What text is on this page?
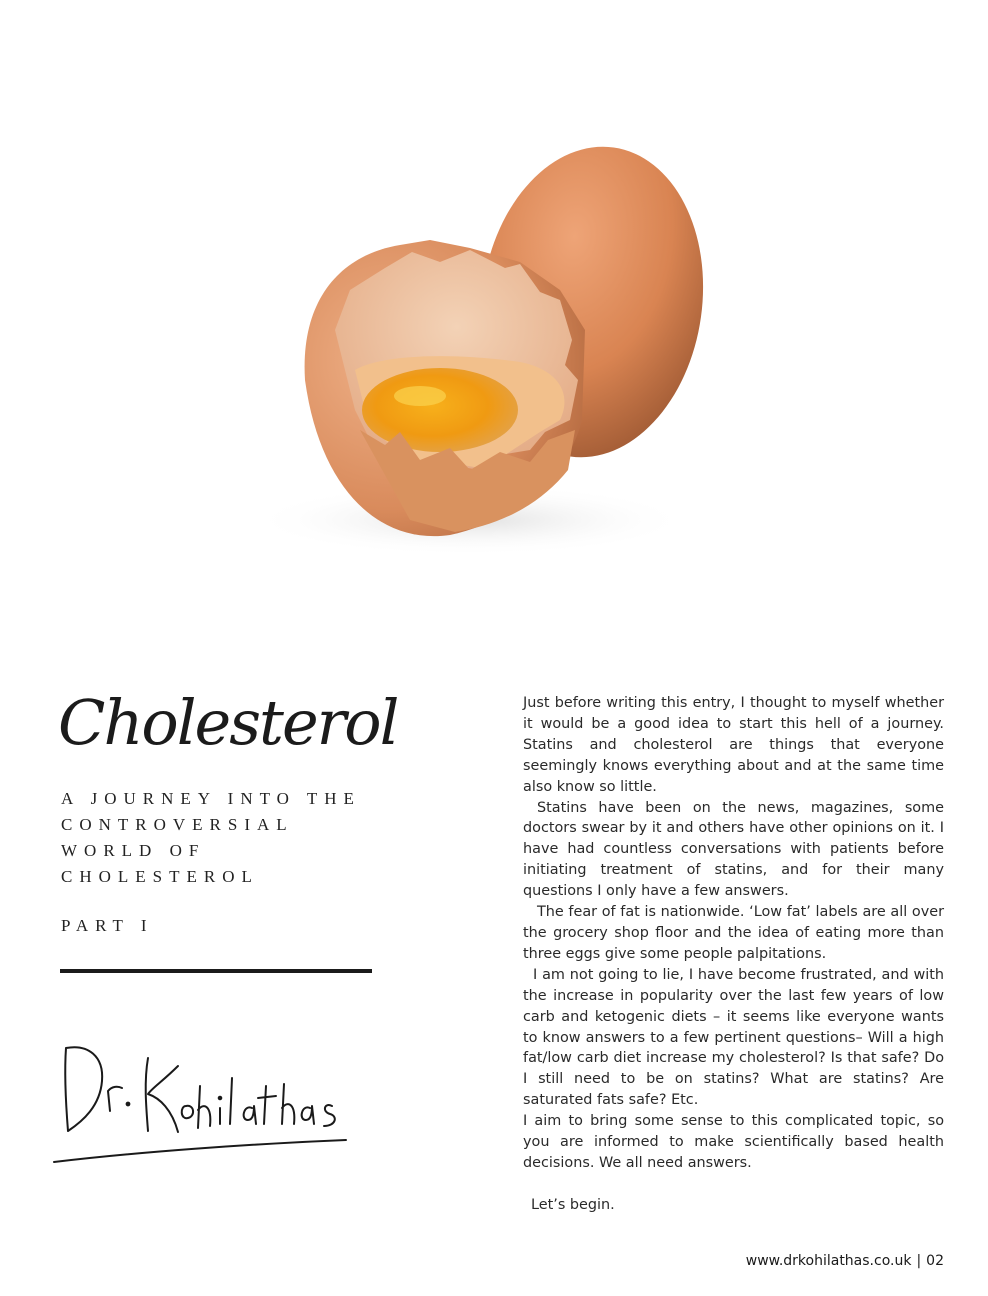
Cholesterol
A JOURNEY INTO THE
CONTROVERSIAL
WORLD OF
CHOLESTEROL
PART I

Just before writing this entry, I thought to myself whether it would be a good idea to start this hell of a journey. Statins and cholesterol are things that everyone seemingly knows everything about and at the same time also know so little.

Statins have been on the news, magazines, some doctors swear by it and others have other opinions on it. I have had countless conversations with patients before initiating treatment of statins, and for their many questions I only have a few answers.

The fear of fat is nationwide. ‘Low fat’ labels are all over the grocery shop floor and the idea of eating more than three eggs give some people palpitations.

I am not going to lie, I have become frustrated, and with the increase in popularity over the last few years of low carb and ketogenic diets – it seems like everyone wants to know answers to a few pertinent questions– Will a high fat/low carb diet increase my cholesterol? Is that safe? Do I still need to be on statins? What are statins? Are saturated fats safe? Etc.

I aim to bring some sense to this complicated topic, so you are informed to make scientifically based health decisions. We all need answers.

Let’s begin.

www.drkohilathas.co.uk | 02
